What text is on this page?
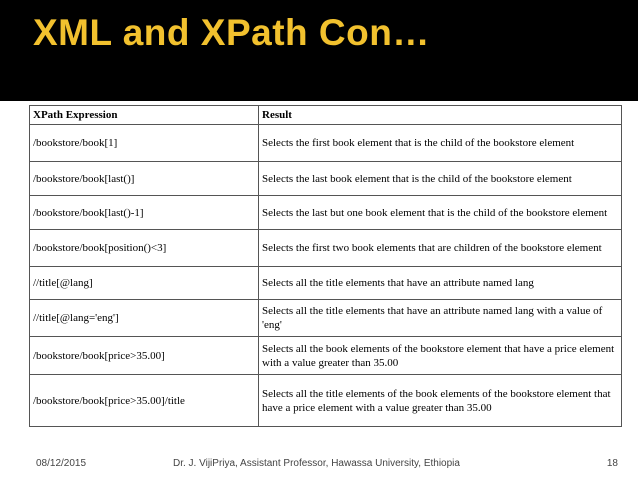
XML and XPath Con…
XPath Expression	Result
/bookstore/book[1]	Selects the first book element that is the child of the bookstore element
/bookstore/book[last()]	Selects the last book element that is the child of the bookstore element
/bookstore/book[last()-1]	Selects the last but one book element that is the child of the bookstore element
/bookstore/book[position()<3]	Selects the first two book elements that are children of the bookstore element
//title[@lang]	Selects all the title elements that have an attribute named lang
//title[@lang='eng']	Selects all the title elements that have an attribute named lang with a value of 'eng'
/bookstore/book[price>35.00]	Selects all the book elements of the bookstore element that have a price element with a value greater than 35.00
/bookstore/book[price>35.00]/title	Selects all the title elements of the book elements of the bookstore element that have a price element with a value greater than 35.00
08/12/2015	Dr. J. VijiPriya, Assistant Professor, Hawassa University, Ethiopia	18
